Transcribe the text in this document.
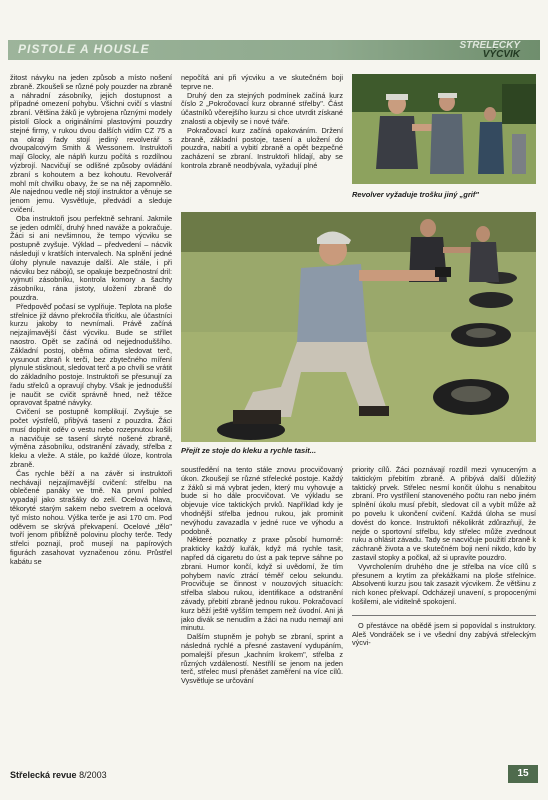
PISTOLE A HOUSLE	STŘELECKÝ
VÝCVIK

žitost návyku na jeden způsob a místo nošení zbraně. Zkoušeli se různé poly pouzder na zbraně a náhradní zásobníky, jejich dostupnost a případné omezení pohybu. Všichni cvičí s vlastní zbraní. Většina žáků je vybrojena různými modely pistolí Glock a originálními plastovými pouzdry stejné firmy, v rukou dvou dalších vidím CZ 75 a na okraji řady stojí jediný revolverář s dvoupalcovým Smith & Wessonem. Instruktoři mají Glocky, ale náplň kurzu počítá s rozdílnou výzbrojí. Nacvičují se odlišné způsoby ovládání zbraní s kohoutem a bez kohoutu. Revolverář mohl mít chvilku obavy, že se na něj zapomnělo. Ale najednou vedle něj stojí instruktor a věnuje se jenom jemu. Vysvětluje, předvádí a sleduje cvičení.

Oba instruktoři jsou perfektně sehraní. Jakmile se jeden odmlčí, druhý hned naváže a pokračuje. Žáci si ani nevšimnou, že tempo výcviku se postupně zvyšuje. Výklad – předvedení – nácvik následují v kratších intervalech. Na splnění jedné úlohy plynule navazuje další. Ale stále, i při nácviku bez nábojů, se opakuje bezpečnostní dril: vyjmutí zásobníku, kontrola komory a šachty zásobníku, rána jistoty, uložení zbraně do pouzdra.

Předpověď počasí se vyplňuje. Teplota na ploše střelnice již dávno překročila třicítku, ale účastníci kurzu jakoby to nevnímali. Právě začíná nejzajímavější část výcviku. Bude se střílet naostro. Opět se začíná od nejjednoduššího. Základní postoj, oběma očima sledovat terč, vysunout zbraň k terči, bez zbytečného míření plynule stisknout, sledovat terč a po chvíli se vrátit do základního postoje. Instruktoři se přesunují za řadu střelců a opravují chyby. Však je jednodušší je naučit se cvičit správně hned, než těžce opravovat špatné návyky.

Cvičení se postupně komplikují. Zvyšuje se počet výstřelů, přibývá tasení z pouzdra. Žáci musí doplnit oděv o vestu nebo rozepnutou košili a nacvičuje se tasení skryté nošené zbraně, výměna zásobníku, odstranění závady, střelba z kleku a vleže. A stále, po každé úloze, kontrola zbraně.

Čas rychle běží a na závěr si instruktoři nechávají nejzajímavější cvičení: střelbu na oblečené panáky ve tmě. Na první pohled vypadají jako strašáky do zelí. Ocelová hlava, těkoryté starým sakem nebo svetrem a ocelová tyč místo nohou. Výška terče je asi 170 cm. Pod oděvem se skrývá překvapení. Ocelové „tělo" tvoří jenom přibližně polovinu plochy terče. Tedy střelci poznají, proč musejí na papírových figurách zasahovat vyznačenou zónu. Průstřel kabátu se

nepočítá ani při výcviku a ve skutečném boji teprve ne.

Druhý den za stejných podmínek začíná kurz číslo 2 „Pokročovací kurz obranné střelby". Část účastníků včerejšího kurzu si chce utvrdit získané znalosti a objevily se i nové tváře.

Pokračovací kurz začíná opakováním. Držení zbraně, základní postoje, tasení a uložení do pouzdra, nabití a vybití zbraně a opět bezpečné zacházení se zbraní. Instruktoři hlídají, aby se kontrola zbraně neodbývala, vyžadují plné

Revolver vyžaduje trošku jiný „grif"
Přejít ze stoje do kleku a rychle tasit...

soustředění na tento stále znovu procvičovaný úkon. Zkoušejí se různé střelecké postoje. Každý z žáků si má vybrat jeden, který mu vyhovuje a bude si ho dále procvičovat. Ve výkladu se objevuje více taktických prvků. Například kdy je vhodnější střelba jednou rukou, jak prominit nevýhodu zavazadla v jedné ruce ve výhodu a podobně.

Některé poznatky z praxe působí humorně: prakticky každý kuřák, když má rychle tasit, napřed dá cigaretu do úst a pak teprve sáhne po zbrani. Humor končí, když si uvědomí, že tím pohybem navíc ztrácí téměř celou sekundu. Procvičuje se činnost v nouzových situacích: střelba slabou rukou, identifikace a odstranění závady, přebití zbraně jednou rukou. Pokračovací kurz běží ještě vyšším tempem než úvodní. Ani já jako divák se nenudím a žáci na nudu nemají ani minutu.

Dalším stupněm je pohyb se zbraní, sprint a následná rychlé a přesné zastavení vydupáním, pomalejší přesun „kachním krokem", střelba z různých vzdáleností. Nestřílí se jenom na jeden terč, střelec musí přenášet zaměření na více cílů. Vysvětluje se určování

priority cílů. Žáci poznávají rozdíl mezi vynuceným a taktickým přebitím zbraně. A přibývá další důležitý taktický prvek. Střelec nesmí končit úlohu s nenabitou zbraní. Pro vystřílení stanoveného počtu ran nebo jiném splnění úkolu musí přebít, sledovat cíl a vybít může až po povelu k ukončení cvičení. Každá úloha se musí dovést do konce. Instruktoři několikrát zdůrazňují, že nejde o sportovní střelbu, kdy střelec může zvednout ruku a ohlásit závadu. Tady se nacvičuje použití zbraně k záchraně života a ve skutečném boji není nikdo, kdo by zastavil stopky a počkal, až si upravíte pouzdro.

Vyvrcholením druhého dne je střelba na více cílů s přesunem a krytím za překážkami na ploše střelnice. Absolventi kurzu jsou tak zasazit výcvikem. Že většinu z nich konec překvapí. Odcházejí unavení, s propocenými košilemi, ale viditelně spokojení.

O přestávce na obědě jsem si popovídal s instruktory. Aleš Vondráček se i ve všední dny zabývá střeleckým výcvi-

Střelecká revue 8/2003	15
